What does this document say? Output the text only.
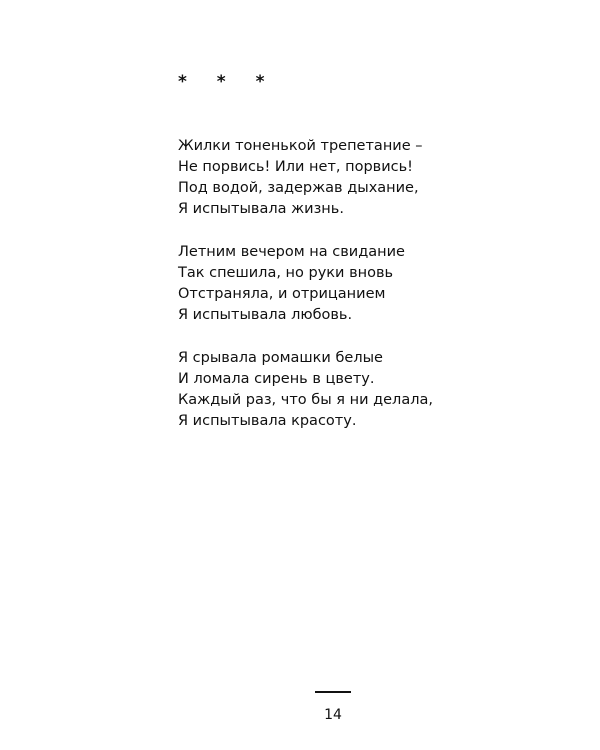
* * *
Жилки тоненькой трепетание –
Не порвись! Или нет, порвись!
Под водой, задержав дыхание,
Я испытывала жизнь.
Летним вечером на свидание
Так спешила, но руки вновь
Отстраняла, и отрицанием
Я испытывала любовь.
Я срывала ромашки белые
И ломала сирень в цвету.
Каждый раз, что бы я ни делала,
Я испытывала красоту.
14
